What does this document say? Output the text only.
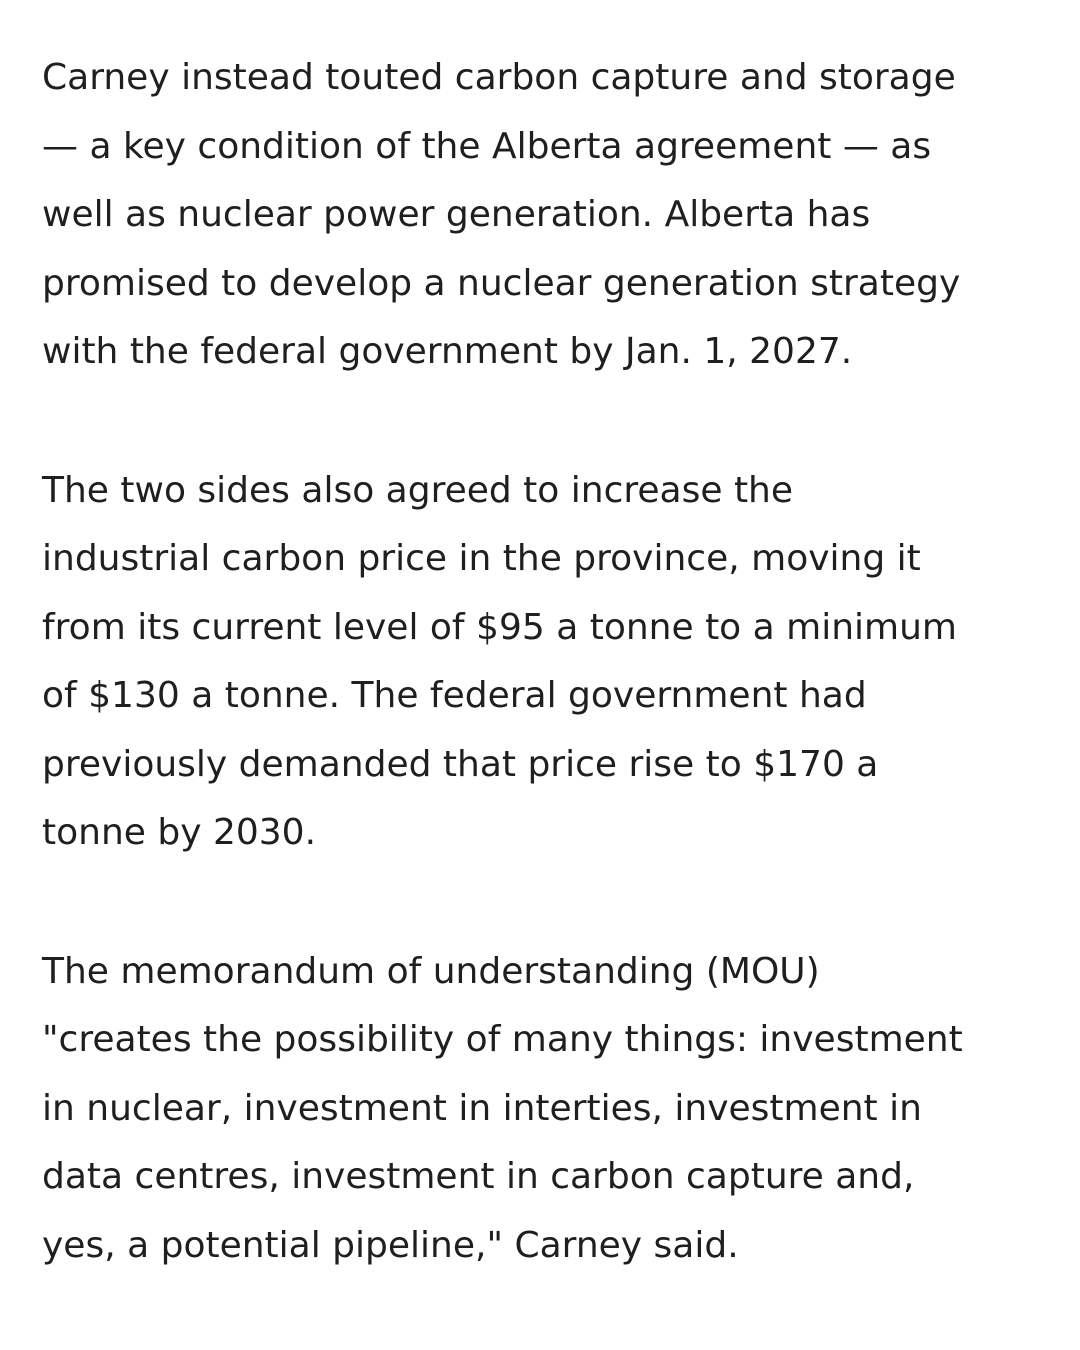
Carney instead touted carbon capture and storage
— a key condition of the Alberta agreement — as
well as nuclear power generation. Alberta has
promised to develop a nuclear generation strategy
with the federal government by Jan. 1, 2027.

The two sides also agreed to increase the
industrial carbon price in the province, moving it
from its current level of $95 a tonne to a minimum
of $130 a tonne. The federal government had
previously demanded that price rise to $170 a
tonne by 2030.

The memorandum of understanding (MOU)
"creates the possibility of many things: investment
in nuclear, investment in interties, investment in
data centres, investment in carbon capture and,
yes, a potential pipeline," Carney said.
